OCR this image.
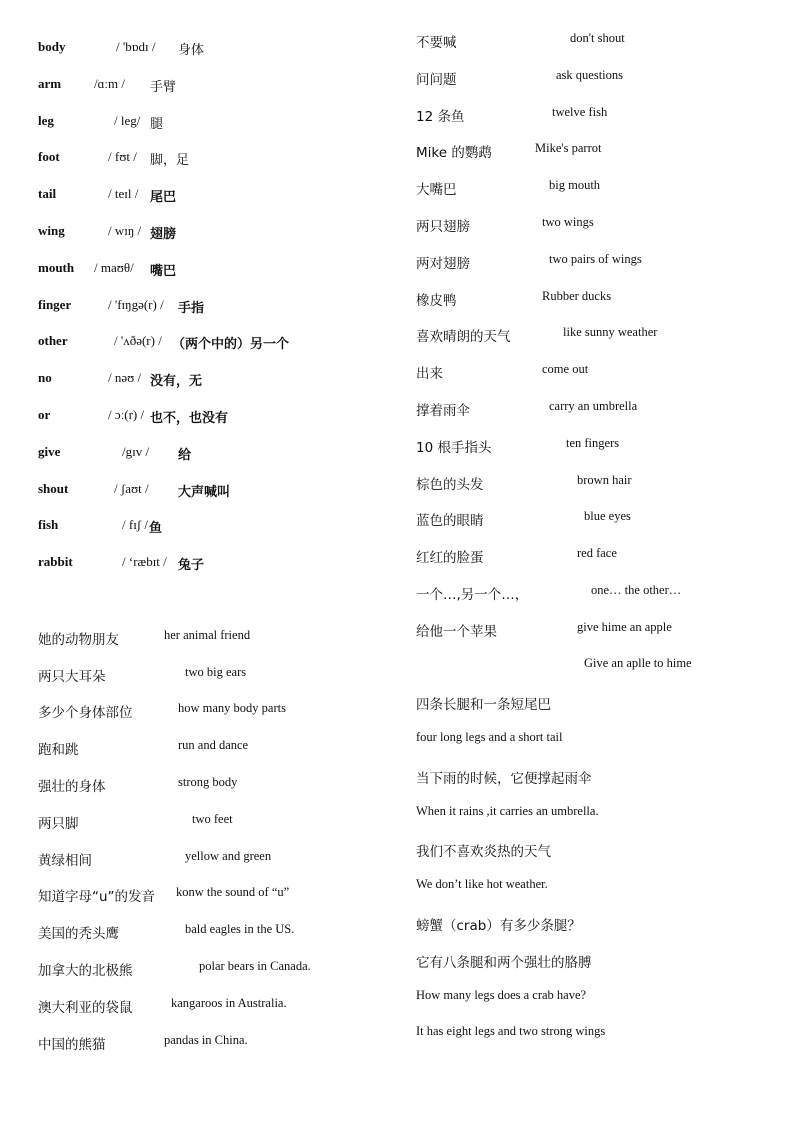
body	/ 'bɒdɪ / 身体
arm	/ɑːm / 手臂
leg	/ leg/ 腿
foot	/ fʊt / 脚，足
tail	/ teɪl / 尾巴
wing	/ wɪŋ / 翅膀
mouth / maʊθ/ 嘴巴
finger	/ 'fɪŋgə(r) / 手指
other	/ 'ʌðə(r) / （两个中的）另一个
no	/ nəʊ / 没有，无
or	/ ɔː(r) / 也不，也没有
give	/gɪv / 给
shout	/ ʃaʊt / 大声喊叫
fish	/ fɪʃ / 鱼
rabbit	/ ‘ræbɪt / 兔子
她的动物朋友	her animal friend
两只大耳朵	two big ears
多少个身体部位	how many body parts
跑和跳	run and dance
强壮的身体	strong body
两只脚	two feet
黄绿相间	yellow and green
知道字母“u”的发音 konw the sound of “u”
美国的秃头鹰	bald eagles in the US.
加拿大的北极熊	polar bears in Canada.
澳大利亚的袋鼠	kangaroos in Australia.
中国的熊猫	pandas in China.
不要喊	don't shout
问问题	ask questions
12 条鱼	twelve fish
Mike 的鹦鹉	Mike's parrot
大嘴巴	big mouth
两只翅膀	two wings
两对翅膀	two pairs of wings
橡皮鸭	Rubber ducks
喜欢晴朗的天气	like sunny weather
出来	come out
撑着雨伞	carry an umbrella
10 根手指头	ten fingers
棕色的头发	brown hair
蓝色的眼睛	blue eyes
红红的脸蛋	red face
一个…,另一个…，	one… the other…
给他一个苹果	give hime an apple
Give an aplle to hime
四条长腿和一条短尾巴
four long legs and a short tail
当下雨的时候，它便撑起雨伞
When it rains ,it carries an umbrella.
我们不喜欢炎热的天气
We don’t like hot weather.
螃蟹（crab）有多少条腿？
它有八条腿和两个强壮的胳膊
How many legs does a crab have?
It has eight legs and two strong wings
